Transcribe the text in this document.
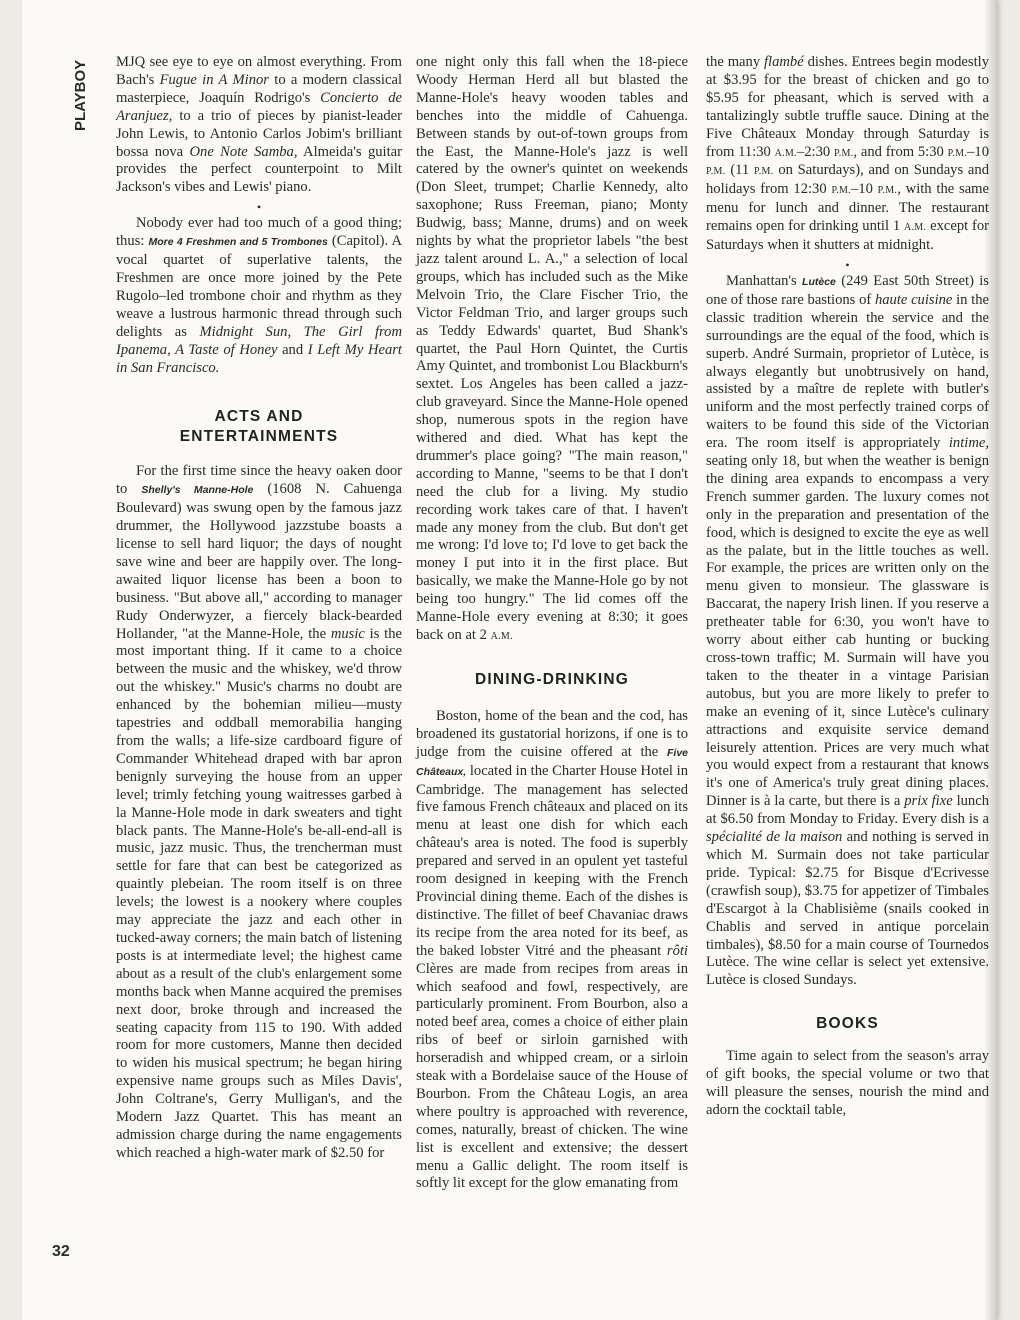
PLAYBOY
32

MJQ see eye to eye on almost everything. From Bach's Fugue in A Minor to a modern classical masterpiece, Joaquín Rodrigo's Concierto de Aranjuez, to a trio of pieces by pianist-leader John Lewis, to Antonio Carlos Jobim's brilliant bossa nova One Note Samba, Almeida's guitar provides the perfect counterpoint to Milt Jackson's vibes and Lewis' piano.

•

Nobody ever had too much of a good thing; thus: More 4 Freshmen and 5 Trombones (Capitol). A vocal quartet of superlative talents, the Freshmen are once more joined by the Pete Rugolo–led trombone choir and rhythm as they weave a lustrous harmonic thread through such delights as Midnight Sun, The Girl from Ipanema, A Taste of Honey and I Left My Heart in San Francisco.

ACTS AND
ENTERTAINMENTS

For the first time since the heavy oaken door to Shelly's Manne-Hole (1608 N. Cahuenga Boulevard) was swung open by the famous jazz drummer, the Hollywood jazzstube boasts a license to sell hard liquor; the days of nought save wine and beer are happily over. The long-awaited liquor license has been a boon to business. "But above all," according to manager Rudy Onderwyzer, a fiercely black-bearded Hollander, "at the Manne-Hole, the music is the most important thing. If it came to a choice between the music and the whiskey, we'd throw out the whiskey." Music's charms no doubt are enhanced by the bohemian milieu—musty tapestries and oddball memorabilia hanging from the walls; a life-size cardboard figure of Commander Whitehead draped with bar apron benignly surveying the house from an upper level; trimly fetching young waitresses garbed à la Manne-Hole mode in dark sweaters and tight black pants. The Manne-Hole's be-all-end-all is music, jazz music. Thus, the trencherman must settle for fare that can best be categorized as quaintly plebeian. The room itself is on three levels; the lowest is a nookery where couples may appreciate the jazz and each other in tucked-away corners; the main batch of listening posts is at intermediate level; the highest came about as a result of the club's enlargement some months back when Manne acquired the premises next door, broke through and increased the seating capacity from 115 to 190. With added room for more customers, Manne then decided to widen his musical spectrum; he began hiring expensive name groups such as Miles Davis', John Coltrane's, Gerry Mulligan's, and the Modern Jazz Quartet. This has meant an admission charge during the name engagements which reached a high-water mark of $2.50 for

one night only this fall when the 18-piece Woody Herman Herd all but blasted the Manne-Hole's heavy wooden tables and benches into the middle of Cahuenga. Between stands by out-of-town groups from the East, the Manne-Hole's jazz is well catered by the owner's quintet on weekends (Don Sleet, trumpet; Charlie Kennedy, alto saxophone; Russ Freeman, piano; Monty Budwig, bass; Manne, drums) and on week nights by what the proprietor labels "the best jazz talent around L. A.," a selection of local groups, which has included such as the Mike Melvoin Trio, the Clare Fischer Trio, the Victor Feldman Trio, and larger groups such as Teddy Edwards' quartet, Bud Shank's quartet, the Paul Horn Quintet, the Curtis Amy Quintet, and trombonist Lou Blackburn's sextet. Los Angeles has been called a jazz-club graveyard. Since the Manne-Hole opened shop, numerous spots in the region have withered and died. What has kept the drummer's place going? "The main reason," according to Manne, "seems to be that I don't need the club for a living. My studio recording work takes care of that. I haven't made any money from the club. But don't get me wrong: I'd love to; I'd love to get back the money I put into it in the first place. But basically, we make the Manne-Hole go by not being too hungry." The lid comes off the Manne-Hole every evening at 8:30; it goes back on at 2 A.M.

DINING-DRINKING

Boston, home of the bean and the cod, has broadened its gustatorial horizons, if one is to judge from the cuisine offered at the Five Châteaux, located in the Charter House Hotel in Cambridge. The management has selected five famous French châteaux and placed on its menu at least one dish for which each château's area is noted. The food is superbly prepared and served in an opulent yet tasteful room designed in keeping with the French Provincial dining theme. Each of the dishes is distinctive. The fillet of beef Chavaniac draws its recipe from the area noted for its beef, as the baked lobster Vitré and the pheasant rôti Clères are made from recipes from areas in which seafood and fowl, respectively, are particularly prominent. From Bourbon, also a noted beef area, comes a choice of either plain ribs of beef or sirloin garnished with horseradish and whipped cream, or a sirloin steak with a Bordelaise sauce of the House of Bourbon. From the Château Logis, an area where poultry is approached with reverence, comes, naturally, breast of chicken. The wine list is excellent and extensive; the dessert menu a Gallic delight. The room itself is softly lit except for the glow emanating from

the many flambé dishes. Entrees begin modestly at $3.95 for the breast of chicken and go to $5.95 for pheasant, which is served with a tantalizingly subtle truffle sauce. Dining at the Five Châteaux Monday through Saturday is from 11:30 A.M.–2:30 P.M., and from 5:30 P.M.–10 P.M. (11 P.M. on Saturdays), and on Sundays and holidays from 12:30 P.M.–10 P.M., with the same menu for lunch and dinner. The restaurant remains open for drinking until 1 A.M. except for Saturdays when it shutters at midnight.

•

Manhattan's Lutèce (249 East 50th Street) is one of those rare bastions of haute cuisine in the classic tradition wherein the service and the surroundings are the equal of the food, which is superb. André Surmain, proprietor of Lutèce, is always elegantly but unobtrusively on hand, assisted by a maître de replete with butler's uniform and the most perfectly trained corps of waiters to be found this side of the Victorian era. The room itself is appropriately intime, seating only 18, but when the weather is benign the dining area expands to encompass a very French summer garden. The luxury comes not only in the preparation and presentation of the food, which is designed to excite the eye as well as the palate, but in the little touches as well. For example, the prices are written only on the menu given to monsieur. The glassware is Baccarat, the napery Irish linen. If you reserve a pretheater table for 6:30, you won't have to worry about either cab hunting or bucking cross-town traffic; M. Surmain will have you taken to the theater in a vintage Parisian autobus, but you are more likely to prefer to make an evening of it, since Lutèce's culinary attractions and exquisite service demand leisurely attention. Prices are very much what you would expect from a restaurant that knows it's one of America's truly great dining places. Dinner is à la carte, but there is a prix fixe lunch at $6.50 from Monday to Friday. Every dish is a spécialité de la maison and nothing is served in which M. Surmain does not take particular pride. Typical: $2.75 for Bisque d'Ecrivesse (crawfish soup), $3.75 for appetizer of Timbales d'Escargot à la Chablisième (snails cooked in Chablis and served in antique porcelain timbales), $8.50 for a main course of Tournedos Lutèce. The wine cellar is select yet extensive. Lutèce is closed Sundays.

BOOKS

Time again to select from the season's array of gift books, the special volume or two that will pleasure the senses, nourish the mind and adorn the cocktail table,
